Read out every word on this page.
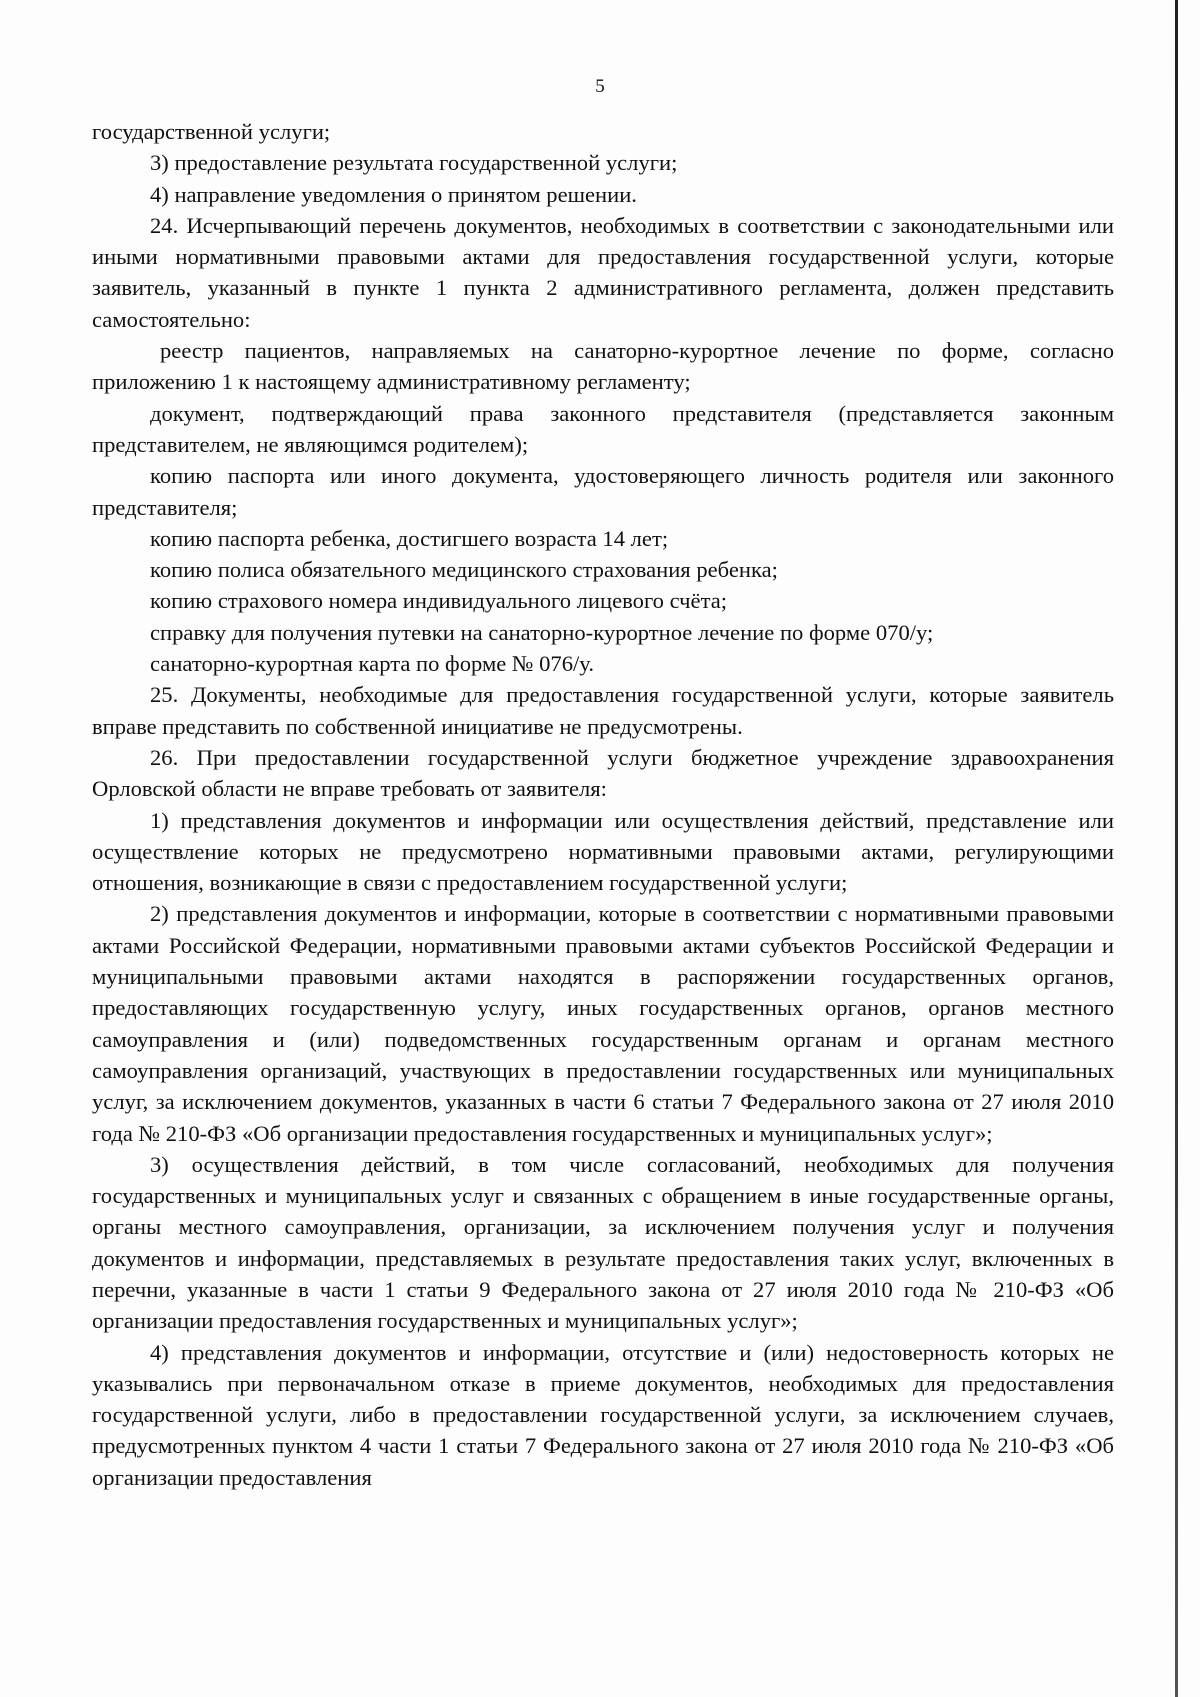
5

государственной услуги;

3) предоставление результата государственной услуги;

4) направление уведомления о принятом решении.

24. Исчерпывающий перечень документов, необходимых в соответствии с законодательными или иными нормативными правовыми актами для предоставления государственной услуги, которые заявитель, указанный в пункте 1 пункта 2 административного регламента, должен представить самостоятельно:

реестр пациентов, направляемых на санаторно-курортное лечение по форме, согласно приложению 1 к настоящему административному регламенту;

документ, подтверждающий права законного представителя (представляется законным представителем, не являющимся родителем);

копию паспорта или иного документа, удостоверяющего личность родителя или законного представителя;

копию паспорта ребенка, достигшего возраста 14 лет;

копию полиса обязательного медицинского страхования ребенка;

копию страхового номера индивидуального лицевого счёта;

справку для получения путевки на санаторно-курортное лечение по форме 070/у;

санаторно-курортная карта по форме № 076/у.

25. Документы, необходимые для предоставления государственной услуги, которые заявитель вправе представить по собственной инициативе не предусмотрены.

26. При предоставлении государственной услуги бюджетное учреждение здравоохранения Орловской области не вправе требовать от заявителя:

1) представления документов и информации или осуществления действий, представление или осуществление которых не предусмотрено нормативными правовыми актами, регулирующими отношения, возникающие в связи с предоставлением государственной услуги;

2) представления документов и информации, которые в соответствии с нормативными правовыми актами Российской Федерации, нормативными правовыми актами субъектов Российской Федерации и муниципальными правовыми актами находятся в распоряжении государственных органов, предоставляющих государственную услугу, иных государственных органов, органов местного самоуправления и (или) подведомственных государственным органам и органам местного самоуправления организаций, участвующих в предоставлении государственных или муниципальных услуг, за исключением документов, указанных в части 6 статьи 7 Федерального закона от 27 июля 2010 года № 210-ФЗ «Об организации предоставления государственных и муниципальных услуг»;

3) осуществления действий, в том числе согласований, необходимых для получения государственных и муниципальных услуг и связанных с обращением в иные государственные органы, органы местного самоуправления, организации, за исключением получения услуг и получения документов и информации, представляемых в результате предоставления таких услуг, включенных в перечни, указанные в части 1 статьи 9 Федерального закона от 27 июля 2010 года № 210-ФЗ «Об организации предоставления государственных и муниципальных услуг»;

4) представления документов и информации, отсутствие и (или) недостоверность которых не указывались при первоначальном отказе в приеме документов, необходимых для предоставления государственной услуги, либо в предоставлении государственной услуги, за исключением случаев, предусмотренных пунктом 4 части 1 статьи 7 Федерального закона от 27 июля 2010 года № 210-ФЗ «Об организации предоставления
